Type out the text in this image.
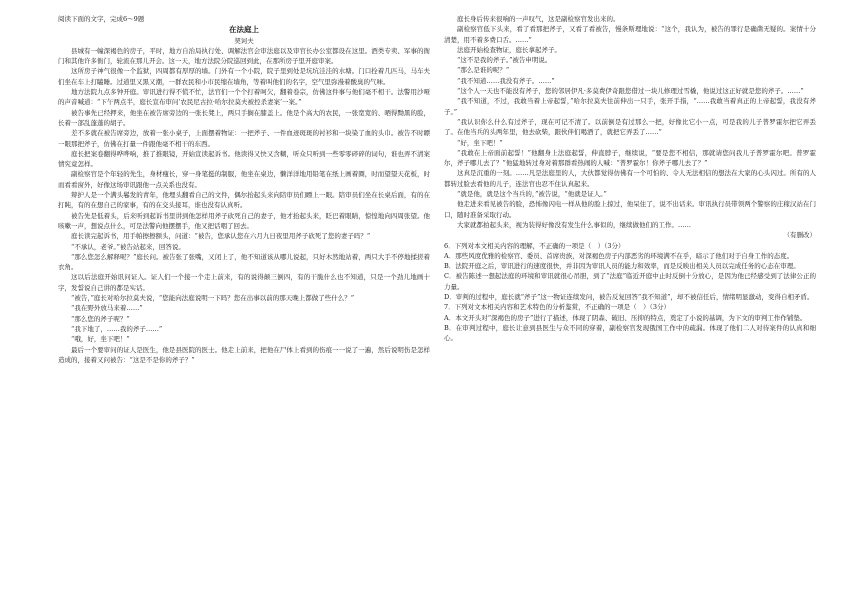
阅读下面的文字，完成6～9题

在法庭上

契诃夫

县城有一幢深褐色的房子，平时，地方自治局执行处、调解法官会审法庭以及审官长办公室都设在这里。酒类专卖、军事的衙门和其他许多衙门，轮流在那儿开会。这一天，地方法院分院巡回到此，在那所房子里开庭审案。

这所房子神气很像一个监狱，四周都有厚厚的墙。门外有一个小院，院子里到处是坑坑洼洼的水塘。门口拴着几匹马，马车夫们坐在车上打瞌睡。过道里又黑又潮，一群农民和小市民缩在墙角，等着叫他们的名字，空气里弥漫着酸臭的气味。

地方法院九点多钟开庭。审讯进行得不慌不忙，法官们一个个打着呵欠，翻着卷宗，仿佛这件事与他们毫不相干。法警用沙哑的声音喊道：“下午两点半，庭长宣布审问‘农民尼古拉·哈尔拉莫夫被控杀妻案’一案。”

被告事先已经押来，他坐在被告席旁边的一张长凳上，两只手搁在膝盖上。他是个高大的农民，一张宽宽的、晒得黝黑的脸，长着一部乱蓬蓬的胡子。

差不多就在被告席旁边，放着一张小桌子，上面摆着物证：一把斧子、一件血迹斑斑的衬衫和一块染了血的头巾。被告不时瞟一眼那把斧子，仿佛在打量一件跟他毫不相干的东西。

庭长把案卷翻得哗哗响，推了推眼镜，开始宣读起诉书。他读得又快又含糊，听众只听到一些零零碎碎的词句，谁也弄不清案情究竟怎样。

副检察官是个年轻的先生，身材瘦长，穿一身笔挺的制服，他坐在桌边，懒洋洋地用铅笔在纸上画着圈，时而望望天花板，时而看看窗外，好像这场审讯跟他一点关系也没有。

辩护人是一个满头鬈发的青年，他埋头翻看自己的文件，偶尔抬起头来向陪审员们瞟上一眼。陪审员们坐在长桌后面，有的在打盹，有的在想自己的家事，有的在交头接耳，谁也没有认真听。

被告先是低着头，后来听到起诉书里讲到他怎样用斧子砍死自己的妻子，他才抬起头来，眨巴着眼睛，惊惶地向四周张望。他咳嗽一声，想说点什么，可是法警向他摆摆手，他又把话咽了回去。

庭长读完起诉书，用手帕擦擦额头，问道：“被告，您承认您在六月九日夜里用斧子砍死了您的妻子吗？”

“不承认，老爷。”被告站起来，回答说。

“那么您怎么解释呢？”庭长问。被告张了张嘴，又闭上了，他不知道该从哪儿说起，只好木然地站着，两只大手不停地揉搓着衣角。

这以后法庭开始讯问证人。证人们一个接一个走上前来，有的说得颠三倒四，有的干脆什么也不知道，只是一个劲儿地画十字，发誓说自己讲的都是实话。

“被告，”庭长对哈尔拉莫夫说，“您能向法庭说明一下吗？您在出事以前的那天晚上都做了些什么？”

“我在野外放马来着……”

“那么您的斧子呢？”

“我下地了，……我的斧子……”

“哦，好，坐下吧！”

最后一个要审问的证人是医生，他是县医院的医士。他走上前来，把他在尸体上看到的伤痕一一说了一遍，然后说明伤是怎样造成的，接着又问被告：“这是不是你的斧子？”

庭长身后传来很响的一声叹气，这是副检察官发出来的。

副检察官低下头来，看了看那把斧子，又看了看被告，慢条斯理地说：“这个，我认为，被告的罪行是确凿无疑的。案情十分清楚，用不着多费口舌。……”

法庭开始检查物证，庭长拿起斧子。

“这不是我的斧子。”被告申明说。

“那么是谁的呢？”

“我不知道……我没有斧子。……”

“这个人一天也不能没有斧子，您的邻居伊凡·多莫费伊奇跟您借过一块儿修理过雪橇，他说过这正好就是您的斧子。……”

“我不知道，不过，我敢当着上帝起誓，”哈尔拉莫夫往前伸出一只手，张开手指，“……我敢当着真正的上帝起誓，我没有斧子。”

“我认识你么什么有过斧子，现在可记不清了。以前倒是有过那么一把，好像比它小一点，可是我的儿子普罗霍尔把它弄丢了。在他当兵的头两年里，他去砍柴，跟伙伴们喝酒了，就把它弄丢了……”

“好，坐下吧！”

“我敢在上帝面前起誓！”他翻身上法庭起誓，伸直脖子，继续说，“要是您不相信，那就请您问我儿子普罗霍尔吧。普罗霍尔，斧子哪儿去了？”他猛地转过身对着那群看热闹的人喊：“普罗霍尔！你斧子哪儿去了？”

这真是沉重的一刻。……凡是法庭里的人，大伙都觉得仿佛有一个可怕的、令人无法相信的想法在大家的心头闪过。所有的人都转过脸去看他的儿子，连法官也忍不住认真起来。

“就是他，就是这个当兵的，”被告说，“他就是证人。”

他走进来看见被告的脸，恐怖像闪电一样从他的脸上掠过，他呆住了，说不出话来。审讯执行员带领两个警察的庄稼汉站在门口，随时准备采取行动。

大家就都拍起头来，视为装得好像没有发生什么事似的，继续做他们的工作。……

（有删改）

6．下列对本文相关内容的理解，不正确的一项是（　）（3分）

A．那些风度优雅的检察官、委员、首席贵族，对深褐色房子内部恶劣的环境满不在乎，暗示了他们对于自身工作的态度。

B．法院开庭之后，审讯进行的速度很快，并非因为审讯人员的能力和效率，而是反映出相关人员以完成任务的心态在审理。

C．被告陈述一想起法庭的环境和审讯就很心吊胆，到了“法庭”临近开庭中止时反倒十分放心，是因为他已经感受到了法律公正的力量。

D．审判的过程中，庭长就“斧子”这一物证连续发问，被告反复回答“我不知道”，却不被信任后，情绪明显激动，变得自相矛盾。

7．下列对文本相关内容和艺术特色的分析鉴赏，不正确的一项是（　）（3分）

A．本文开头对“深褐色的房子”进行了描述，体现了阴森、破旧、压抑的特点，奠定了小说的基调，为下文的审判工作作铺垫。

B．在审判过程中，庭长让意到县医生与众不同的穿着，副检察官发现俄国工作中的疏漏。体现了他们二人对待案件的认真和细心。
